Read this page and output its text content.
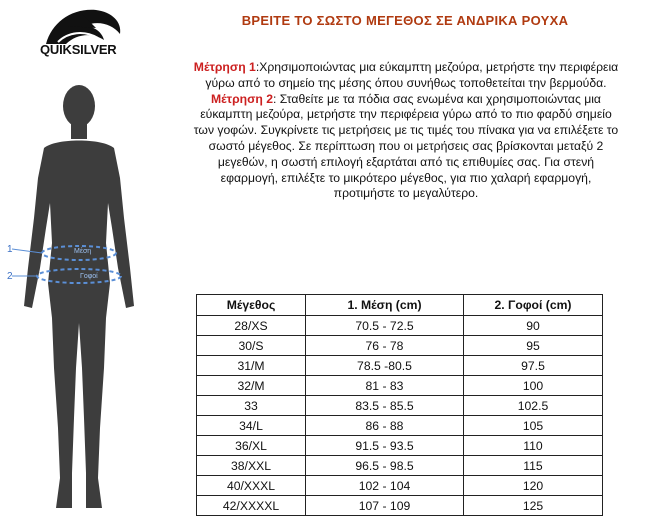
QUIKSILVER
ΒΡΕΙΤΕ ΤΟ ΣΩΣΤΟ ΜΕΓΕΘΟΣ ΣΕ ΑΝΔΡΙΚΑ ΡΟΥΧΑ
Μέτρηση 1:Χρησιμοποιώντας μια εύκαμπτη μεζούρα, μετρήστε την περιφέρεια γύρω από το σημείο της μέσης όπου συνήθως τοποθετείται την βερμούδα.
Μέτρηση 2: Σταθείτε με τα πόδια σας ενωμένα και χρησιμοποιώντας μια εύκαμπτη μεζούρα, μετρήστε την περιφέρεια γύρω από το πιο φαρδύ σημείο των γοφών. Συγκρίνετε τις μετρήσεις με τις τιμές του πίνακα για να επιλέξετε το σωστό μέγεθος. Σε περίπτωση που οι μετρήσεις σας βρίσκονται μεταξύ 2 μεγεθών, η σωστή επιλογή εξαρτάται από τις επιθυμίες σας. Για στενή εφαρμογή, επιλέξτε το μικρότερο μέγεθος, για πιο χαλαρή εφαρμογή, προτιμήστε το μεγαλύτερο.
1
2
Μέση
Γοφοί
Μέγεθος	1. Μέση (cm)	2. Γοφοί (cm)
28/XS	70.5 - 72.5	90
30/S	76 - 78	95
31/M	78.5 -80.5	97.5
32/M	81 - 83	100
33	83.5 - 85.5	102.5
34/L	86 - 88	105
36/XL	91.5 - 93.5	110
38/XXL	96.5 - 98.5	115
40/XXXL	102 - 104	120
42/XXXXL	107 - 109	125
